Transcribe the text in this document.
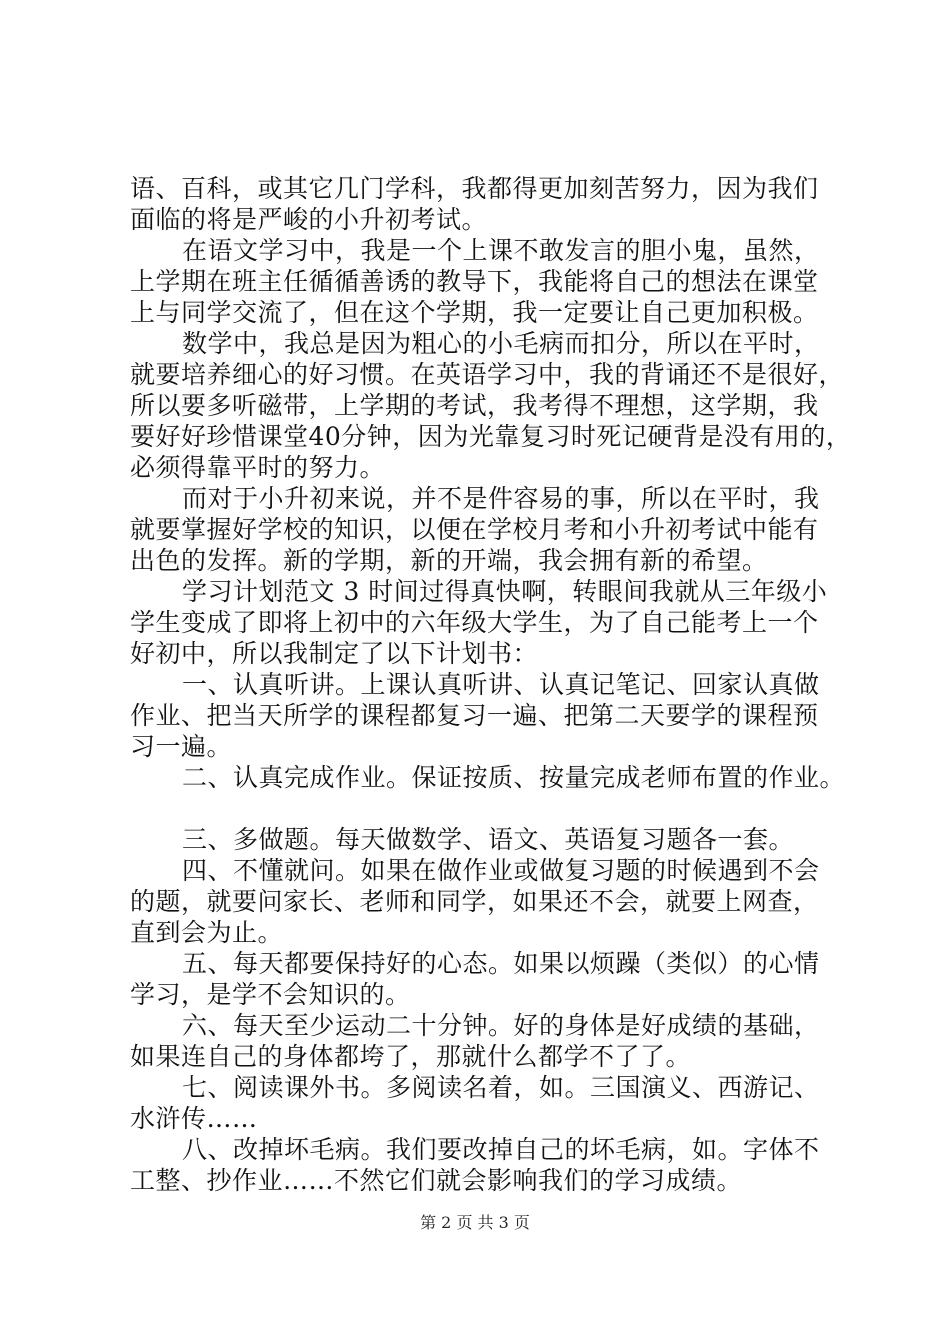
语、百科，或其它几门学科，我都得更加刻苦努力，因为我们
面临的将是严峻的小升初考试。
在语文学习中，我是一个上课不敢发言的胆小鬼，虽然，
上学期在班主任循循善诱的教导下，我能将自己的想法在课堂
上与同学交流了，但在这个学期，我一定要让自己更加积极。
数学中，我总是因为粗心的小毛病而扣分，所以在平时，
就要培养细心的好习惯。在英语学习中，我的背诵还不是很好，
所以要多听磁带，上学期的考试，我考得不理想，这学期，我
要好好珍惜课堂40分钟，因为光靠复习时死记硬背是没有用的，
必须得靠平时的努力。
而对于小升初来说，并不是件容易的事，所以在平时，我
就要掌握好学校的知识，以便在学校月考和小升初考试中能有
出色的发挥。新的学期，新的开端，我会拥有新的希望。
学习计划范文 3 时间过得真快啊，转眼间我就从三年级小
学生变成了即将上初中的六年级大学生，为了自己能考上一个
好初中，所以我制定了以下计划书：
一、认真听讲。上课认真听讲、认真记笔记、回家认真做
作业、把当天所学的课程都复习一遍、把第二天要学的课程预
习一遍。
二、认真完成作业。保证按质、按量完成老师布置的作业。
三、多做题。每天做数学、语文、英语复习题各一套。
四、不懂就问。如果在做作业或做复习题的时候遇到不会
的题，就要问家长、老师和同学，如果还不会，就要上网查，
直到会为止。
五、每天都要保持好的心态。如果以烦躁（类似）的心情
学习，是学不会知识的。
六、每天至少运动二十分钟。好的身体是好成绩的基础，
如果连自己的身体都垮了，那就什么都学不了了。
七、阅读课外书。多阅读名着，如。三国演义、西游记、
水浒传……
八、改掉坏毛病。我们要改掉自己的坏毛病，如。字体不
工整、抄作业……不然它们就会影响我们的学习成绩。
第 2 页 共 3 页
